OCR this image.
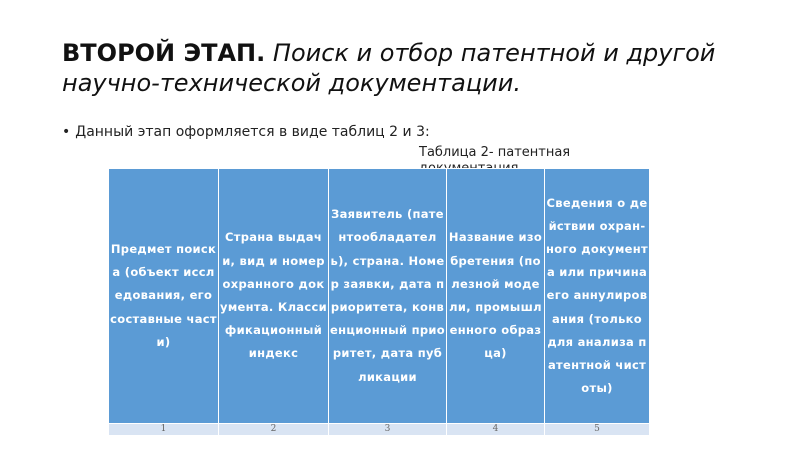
ВТОРОЙ ЭТАП. Поиск и отбор патентной и другой научно-технической документации.
• Данный этап оформляется в виде таблиц 2 и 3:
Таблица 2- патентная
Предмет поиска (объект исследования, его составные части)	Страна выдачи, вид и номер охранного документа. Классификационный индекс	Заявитель (патентообладатель), страна. Номер заявки, дата приоритета, конвенционный приоритет, дата публикации	Название изобретения (полезной модели, промышленного образца)	Сведения о действии охран-ного документа или причина его аннулирования (только для анализа патентной чистоты)
1	2	3	4	5
